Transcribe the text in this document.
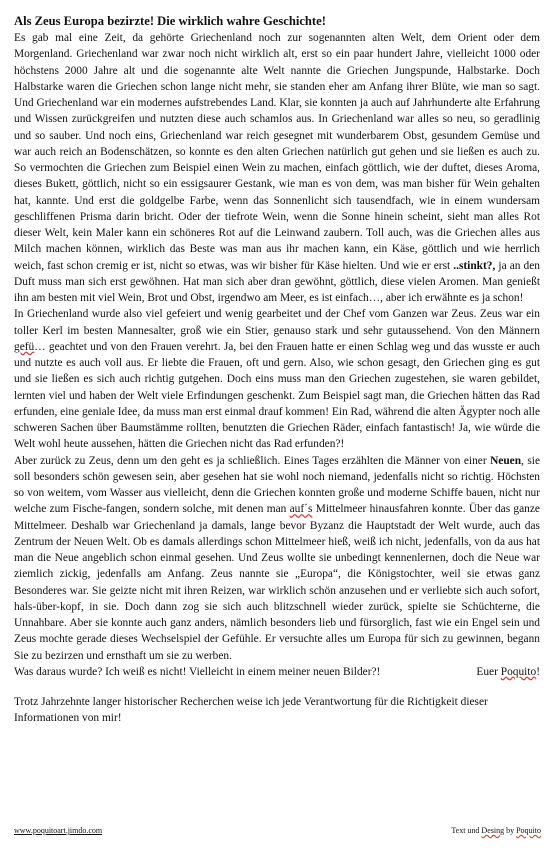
Als Zeus Europa bezirzte! Die wirklich wahre Geschichte!

Es gab mal eine Zeit, da gehörte Griechenland noch zur sogenannten alten Welt, dem Orient oder dem Morgenland. Griechenland war zwar noch nicht wirklich alt, erst so ein paar hundert Jahre, vielleicht 1000 oder höchstens 2000 Jahre alt und die sogenannte alte Welt nannte die Griechen Jungspunde, Halbstarke. Doch Halbstarke waren die Griechen schon lange nicht mehr, sie standen eher am Anfang ihrer Blüte, wie man so sagt. Und Griechenland war ein modernes aufstrebendes Land. Klar, sie konnten ja auch auf Jahrhunderte alte Erfahrung und Wissen zurückgreifen und nutzten diese auch schamlos aus. In Griechenland war alles so neu, so geradlinig und so sauber. Und noch eins, Griechenland war reich gesegnet mit wunderbarem Obst, gesundem Gemüse und war auch reich an Bodenschätzen, so konnte es den alten Griechen natürlich gut gehen und sie ließen es auch zu. So vermochten die Griechen zum Beispiel einen Wein zu machen, einfach göttlich, wie der duftet, dieses Aroma, dieses Bukett, göttlich, nicht so ein essigsaurer Gestank, wie man es von dem, was man bisher für Wein gehalten hat, kannte. Und erst die goldgelbe Farbe, wenn das Sonnenlicht sich tausendfach, wie in einem wundersam geschliffenen Prisma darin bricht. Oder der tiefrote Wein, wenn die Sonne hinein scheint, sieht man alles Rot dieser Welt, kein Maler kann ein schöneres Rot auf die Leinwand zaubern. Toll auch, was die Griechen alles aus Milch machen können, wirklich das Beste was man aus ihr machen kann, ein Käse, göttlich und wie herrlich weich, fast schon cremig er ist, nicht so etwas, was wir bisher für Käse hielten. Und wie er erst ..stinkt?, ja an den Duft muss man sich erst gewöhnen. Hat man sich aber dran gewöhnt, göttlich, diese vielen Aromen. Man genießt ihn am besten mit viel Wein, Brot und Obst, irgendwo am Meer, es ist einfach…, aber ich erwähnte es ja schon!

In Griechenland wurde also viel gefeiert und wenig gearbeitet und der Chef vom Ganzen war Zeus. Zeus war ein toller Kerl im besten Mannesalter, groß wie ein Stier, genauso stark und sehr gutaussehend. Von den Männern gefü… geachtet und von den Frauen verehrt. Ja, bei den Frauen hatte er einen Schlag weg und das wusste er auch und nutzte es auch voll aus. Er liebte die Frauen, oft und gern. Also, wie schon gesagt, den Griechen ging es gut und sie ließen es sich auch richtig gutgehen. Doch eins muss man den Griechen zugestehen, sie waren gebildet, lernten viel und haben der Welt viele Erfindungen geschenkt. Zum Beispiel sagt man, die Griechen hätten das Rad erfunden, eine geniale Idee, da muss man erst einmal drauf kommen! Ein Rad, während die alten Ägypter noch alle schweren Sachen über Baumstämme rollten, benutzten die Griechen Räder, einfach fantastisch! Ja, wie würde die Welt wohl heute aussehen, hätten die Griechen nicht das Rad erfunden?!

Aber zurück zu Zeus, denn um den geht es ja schließlich. Eines Tages erzählten die Männer von einer Neuen, sie soll besonders schön gewesen sein, aber gesehen hat sie wohl noch niemand, jedenfalls nicht so richtig. Höchsten so von weitem, vom Wasser aus vielleicht, denn die Griechen konnten große und moderne Schiffe bauen, nicht nur welche zum Fische-fangen, sondern solche, mit denen man auf´s Mittelmeer hinausfahren konnte. Über das ganze Mittelmeer. Deshalb war Griechenland ja damals, lange bevor Byzanz die Hauptstadt der Welt wurde, auch das Zentrum der Neuen Welt. Ob es damals allerdings schon Mittelmeer hieß, weiß ich nicht, jedenfalls, von da aus hat man die Neue angeblich schon einmal gesehen. Und Zeus wollte sie unbedingt kennenlernen, doch die Neue war ziemlich zickig, jedenfalls am Anfang. Zeus nannte sie „Europa“, die Königstochter, weil sie etwas ganz Besonderes war. Sie geizte nicht mit ihren Reizen, war wirklich schön anzusehen und er verliebte sich auch sofort, hals-über-kopf, in sie. Doch dann zog sie sich auch blitzschnell wieder zurück, spielte sie Schüchterne, die Unnahbare. Aber sie konnte auch ganz anders, nämlich besonders lieb und fürsorglich, fast wie ein Engel sein und Zeus mochte gerade dieses Wechselspiel der Gefühle. Er versuchte alles um Europa für sich zu gewinnen, begann Sie zu bezirzen und ernsthaft um sie zu werben.

Was daraus wurde? Ich weiß es nicht! Vielleicht in einem meiner neuen Bilder?!	Euer Poquito!

Trotz Jahrzehnte langer historischer Recherchen weise ich jede Verantwortung für die Richtigkeit dieser Informationen von mir!

www.poquitoart.jimdo.com	Text und Desing by Poquito
